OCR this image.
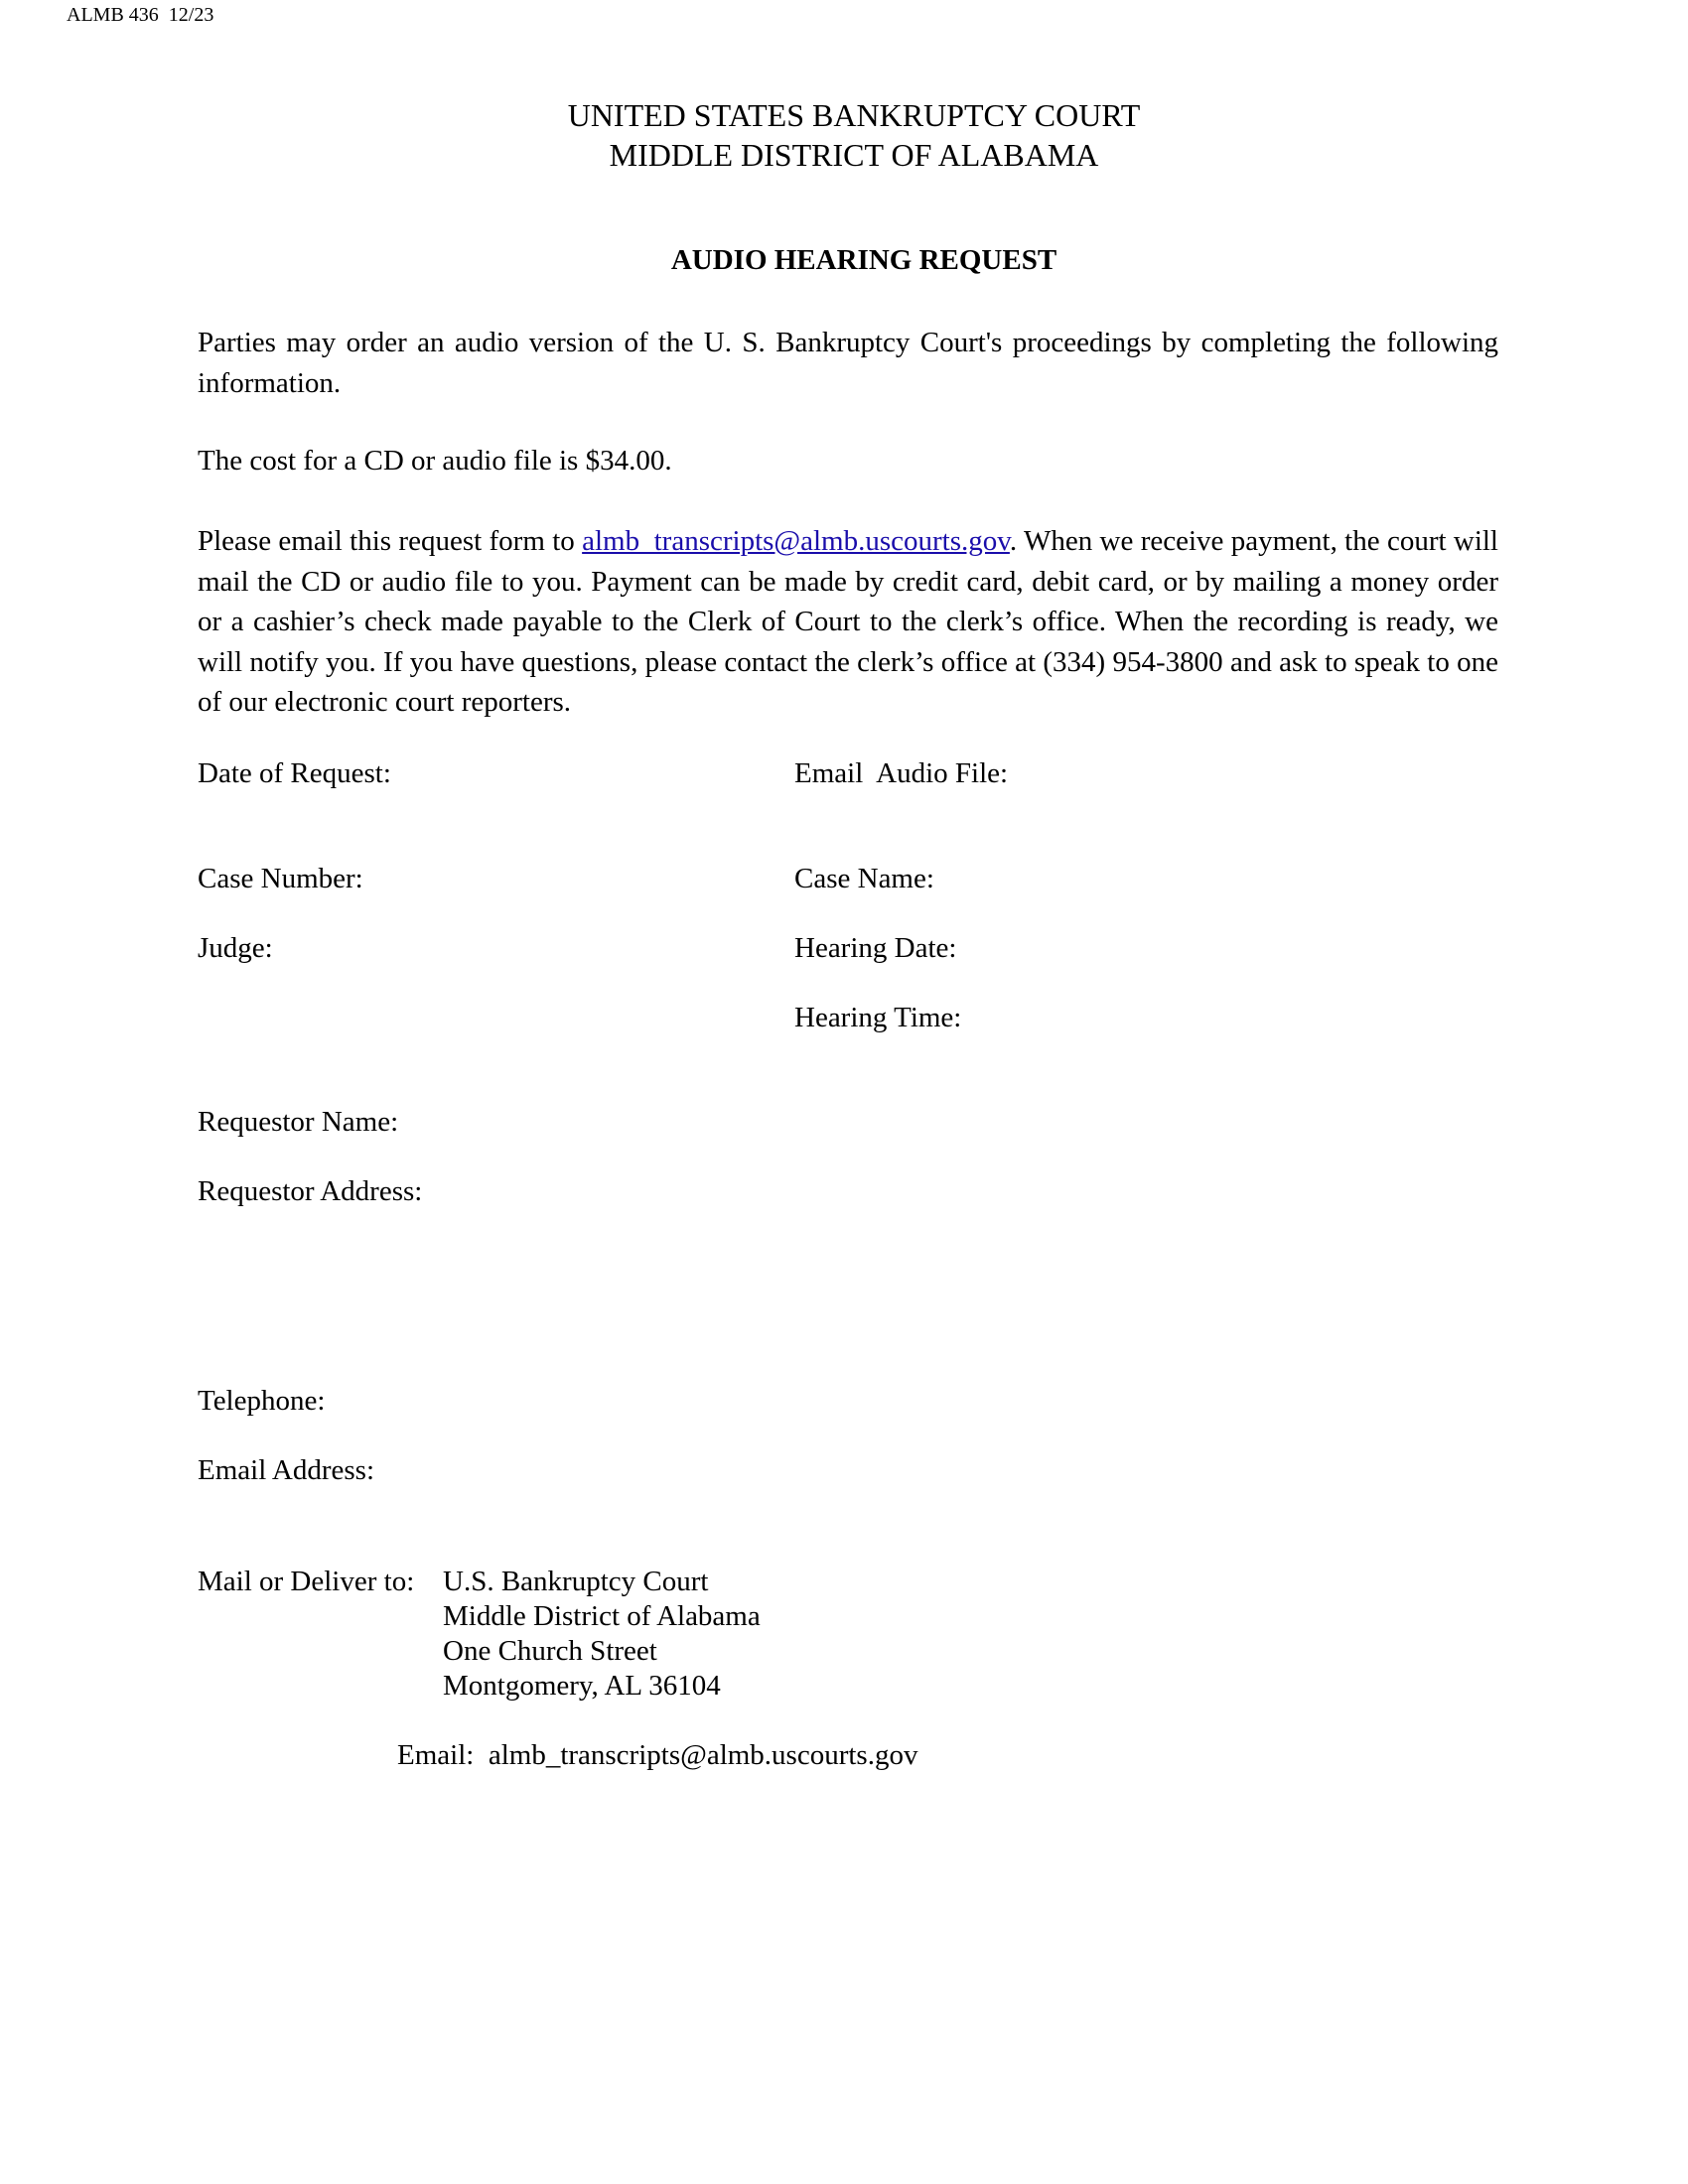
ALMB 436  12/23
UNITED STATES BANKRUPTCY COURT
MIDDLE DISTRICT OF ALABAMA
AUDIO HEARING REQUEST
Parties may order an audio version of the U. S. Bankruptcy Court's proceedings by completing the following information.
The cost for a CD or audio file is $34.00.
Please email this request form to almb_transcripts@almb.uscourts.gov. When we receive payment, the court will mail the CD or audio file to you. Payment can be made by credit card, debit card, or by mailing a money order or a cashier’s check made payable to the Clerk of Court to the clerk’s office. When the recording is ready, we will notify you. If you have questions, please contact the clerk’s office at (334) 954-3800 and ask to speak to one of our electronic court reporters.
Date of Request:	Email  Audio File:
Case Number:	Case Name:
Judge:	Hearing Date:
Hearing Time:
Requestor Name:
Requestor Address:
Telephone:
Email Address:
Mail or Deliver to: U.S. Bankruptcy Court
Middle District of Alabama
One Church Street
Montgomery, AL 36104
Email: almb_transcripts@almb.uscourts.gov
